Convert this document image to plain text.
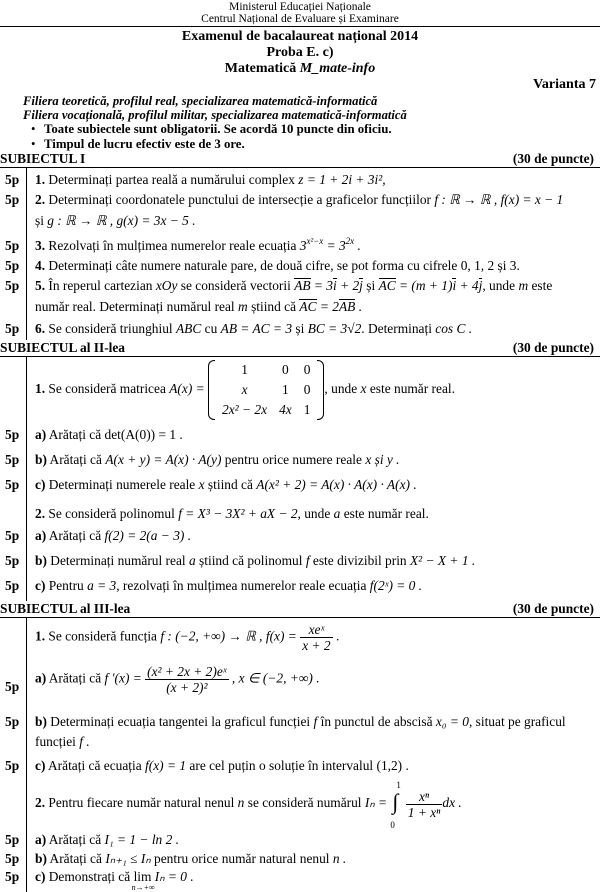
Ministerul Educației Naționale
Centrul Național de Evaluare și Examinare
Examenul de bacalaureat național 2014
Proba E. c)
Matematică M_mate-info
Varianta 7
Filiera teoretică, profilul real, specializarea matematică-informatică
Filiera vocațională, profilul militar, specializarea matematică-informatică
• Toate subiectele sunt obligatorii. Se acordă 10 puncte din oficiu.
• Timpul de lucru efectiv este de 3 ore.
SUBIECTUL I	(30 de puncte)
5p 1. Determinați partea reală a numărului complex z = 1 + 2i + 3i²,
5p 2. Determinați coordonatele punctului de intersecție a graficelor funcțiilor f : ℝ → ℝ , f(x) = x − 1
și g : ℝ → ℝ , g(x) = 3x − 5 .
5p 3. Rezolvați în mulțimea numerelor reale ecuația $3^{x^2-x} = 3^{2x}$ .
5p 4. Determinați câte numere naturale pare, de două cifre, se pot forma cu cifrele 0, 1, 2 și 3.
5p 5. În reperul cartezian xOy se consideră vectorii AB = 3i + 2j și AC = (m + 1)i + 4j, unde m este
număr real. Determinați numărul real m știind că AC = 2AB .
5p 6. Se consideră triunghiul ABC cu AB = AC = 3 și BC = 3√2. Determinați cos C .
SUBIECTUL al II-lea	(30 de puncte)
1. Se consideră matricea A(x) =
1	0	0
x	1	0
2x² − 2x	4x	1
, unde x este număr real.
5p a) Arătați că det(A(0)) = 1 .
5p b) Arătați că A(x + y) = A(x) · A(y) pentru orice numere reale x și y .
5p c) Determinați numerele reale x știind că A(x² + 2) = A(x) · A(x) · A(x) .
2. Se consideră polinomul f = X³ − 3X² + aX − 2, unde a este număr real.
5p a) Arătați că f(2) = 2(a − 3) .
5p b) Determinați numărul real a știind că polinomul f este divizibil prin X² − X + 1 .
5p c) Pentru a = 3, rezolvați în mulțimea numerelor reale ecuația f(2ˣ) = 0 .
SUBIECTUL al III-lea	(30 de puncte)
1. Se consideră funcția f : (−2, +∞) → ℝ , $f(x) = \frac{\text{xeˣ}}{x + 2}$ .
5p
a) Arătați că f $'(x) = \frac{\text{(x² + 2x + 2)eˣ}}{\text{(x + 2)²}}$ , x ∈ (−2, +∞) .
5p b) Determinați ecuația tangentei la graficul funcției f în punctul de abscisă x₀ = 0, situat pe graficul
funcției f .
5p c) Arătați că ecuația f(x) = 1 are cel puțin o soluție în intervalul (1,2) .
2. Pentru fiecare număr natural nenul n se consideră numărul Iₙ = ∫
1
0

$\frac{\text{xⁿ}}{\text{1 + xⁿ}}$ dx .
5p a) Arătați că I₁ = 1 − ln 2 .
5p b) Arătați că Iₙ₊₁ ≤ Iₙ pentru orice număr natural nenul n .
5p c) Demonstrați că lim
n→+∞
Iₙ = 0 .
